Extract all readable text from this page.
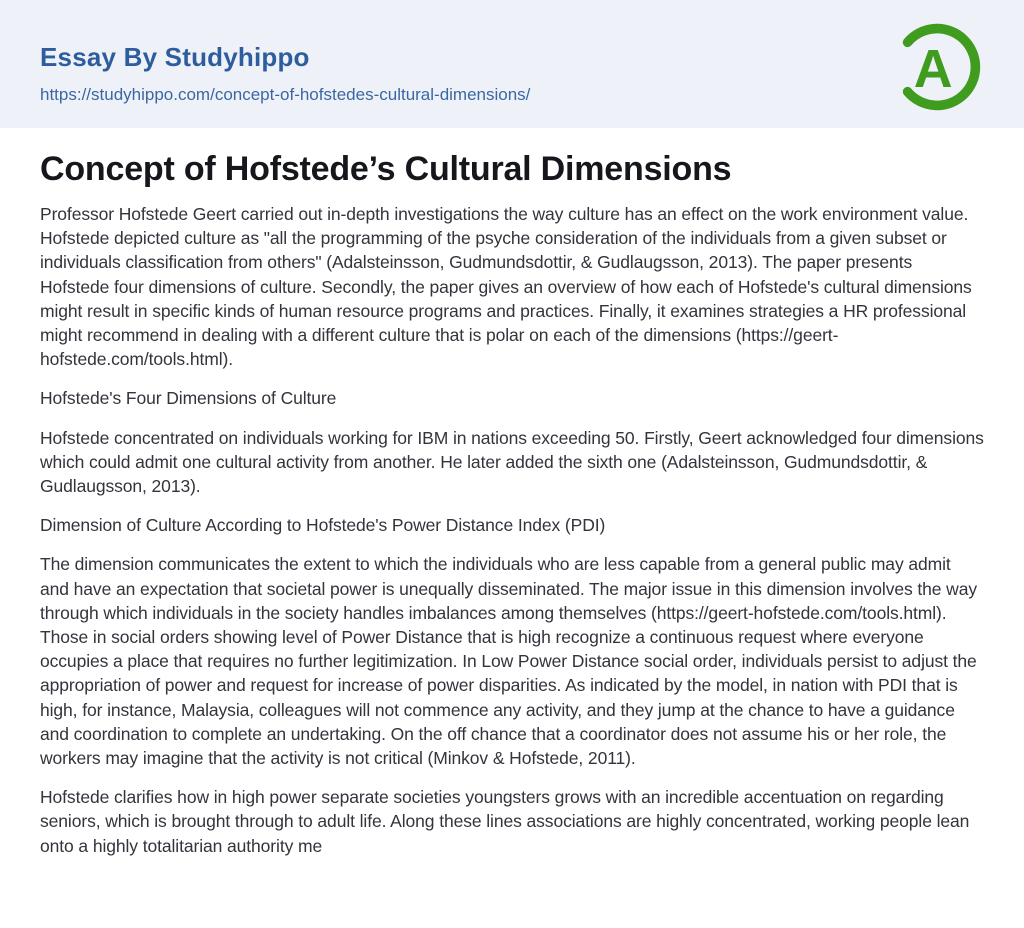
Essay By Studyhippo
https://studyhippo.com/concept-of-hofstedes-cultural-dimensions/	A
Concept of Hofstede’s Cultural Dimensions

Professor Hofstede Geert carried out in-depth investigations the way culture has an effect on the work environment value. Hofstede depicted culture as "all the programming of the psyche consideration of the individuals from a given subset or individuals classification from others" (Adalsteinsson, Gudmundsdottir, & Gudlaugsson, 2013). The paper presents Hofstede four dimensions of culture. Secondly, the paper gives an overview of how each of Hofstede's cultural dimensions might result in specific kinds of human resource programs and practices. Finally, it examines strategies a HR professional might recommend in dealing with a different culture that is polar on each of the dimensions (https://geert-hofstede.com/tools.html).

Hofstede's Four Dimensions of Culture

Hofstede concentrated on individuals working for IBM in nations exceeding 50. Firstly, Geert acknowledged four dimensions which could admit one cultural activity from another. He later added the sixth one (Adalsteinsson, Gudmundsdottir, & Gudlaugsson, 2013).

Dimension of Culture According to Hofstede's Power Distance Index (PDI)

The dimension communicates the extent to which the individuals who are less capable from a general public may admit and have an expectation that societal power is unequally disseminated. The major issue in this dimension involves the way through which individuals in the society handles imbalances among themselves (https://geert-hofstede.com/tools.html). Those in social orders showing level of Power Distance that is high recognize a continuous request where everyone occupies a place that requires no further legitimization. In Low Power Distance social order, individuals persist to adjust the appropriation of power and request for increase of power disparities. As indicated by the model, in nation with PDI that is high, for instance, Malaysia, colleagues will not commence any activity, and they jump at the chance to have a guidance and coordination to complete an undertaking. On the off chance that a coordinator does not assume his or her role, the workers may imagine that the activity is not critical (Minkov & Hofstede, 2011).

Hofstede clarifies how in high power separate societies youngsters grows with an incredible accentuation on regarding seniors, which is brought through to adult life. Along these lines associations are highly concentrated, working people lean onto a highly totalitarian authority me
